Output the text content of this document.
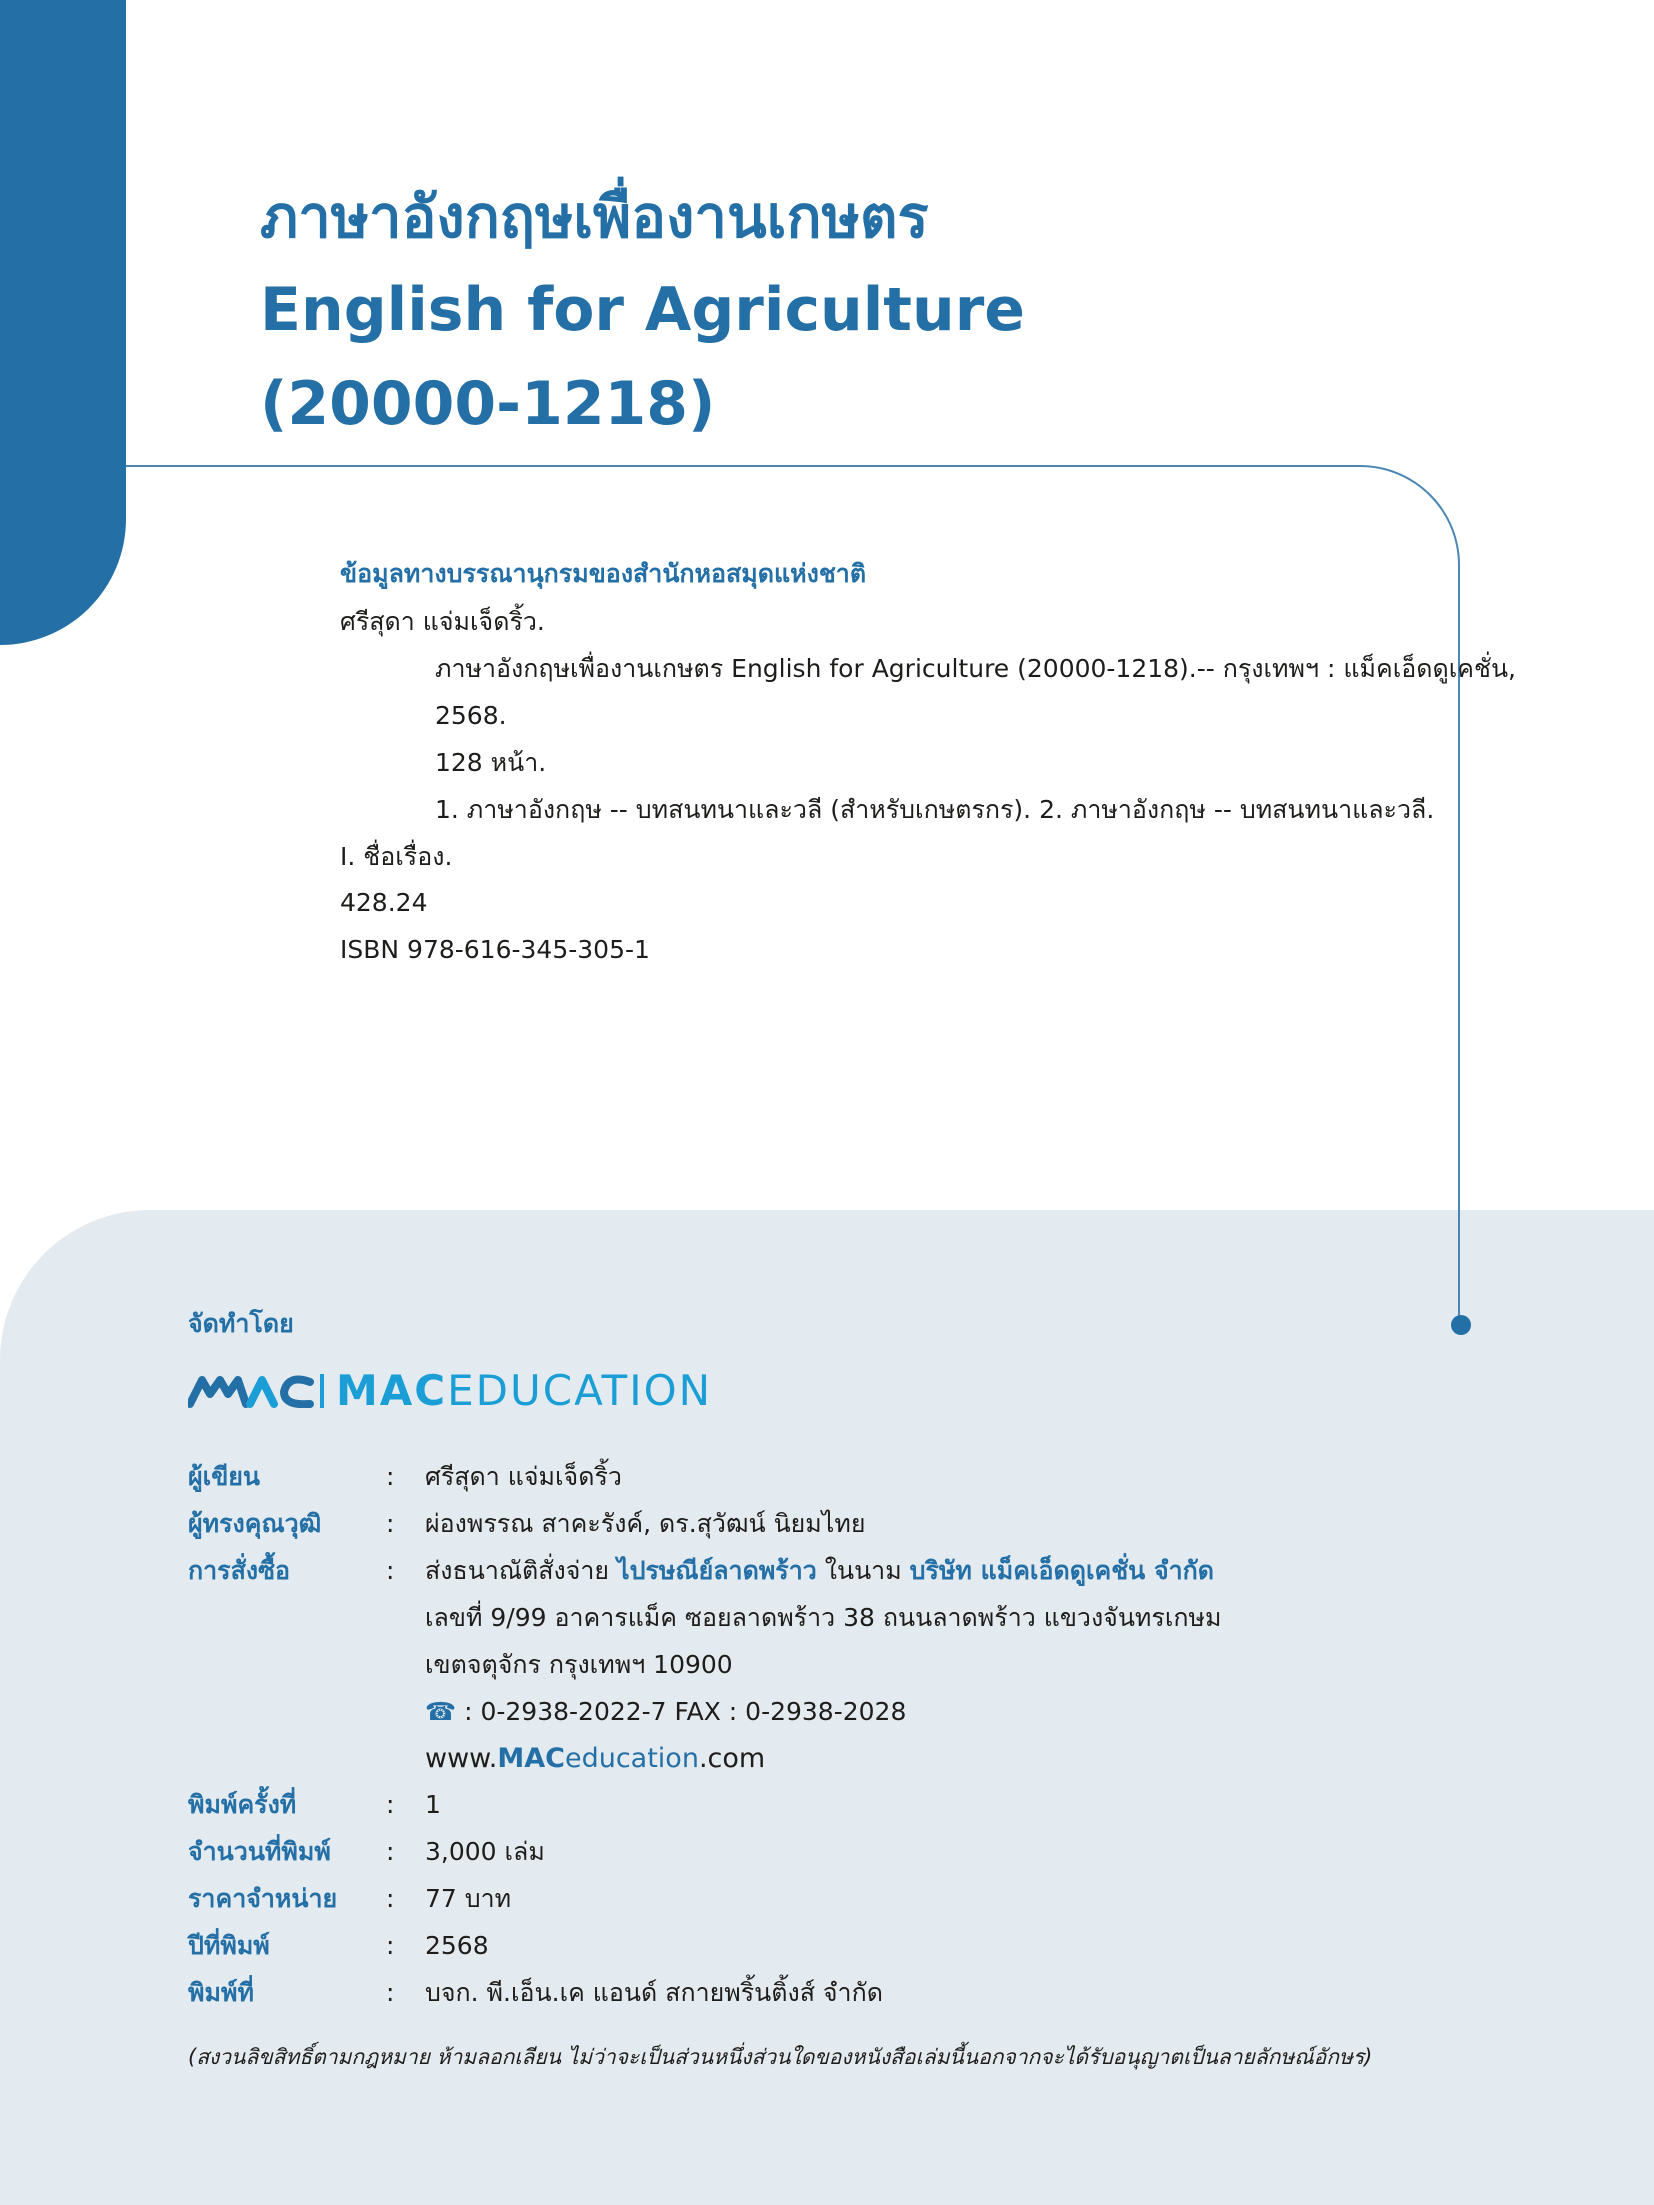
ภาษาอังกฤษเพื่องานเกษตร
English for Agriculture
(20000-1218)
ข้อมูลทางบรรณานุกรมของสำนักหอสมุดแห่งชาติ
ศรีสุดา แจ่มเจ็ดริ้ว.
ภาษาอังกฤษเพื่องานเกษตร English for Agriculture (20000-1218).-- กรุงเทพฯ : แม็คเอ็ดดูเคชั่น,
2568.
128 หน้า.
1. ภาษาอังกฤษ -- บทสนทนาและวลี (สำหรับเกษตรกร). 2. ภาษาอังกฤษ -- บทสนทนาและวลี.
I. ชื่อเรื่อง.
428.24
ISBN 978-616-345-305-1
จัดทำโดย
MACEDUCATION
ผู้เขียน	: ศรีสุดา แจ่มเจ็ดริ้ว
ผู้ทรงคุณวุฒิ	: ผ่องพรรณ สาคะรังค์, ดร.สุวัฒน์ นิยมไทย
การสั่งซื้อ	: ส่งธนาณัติสั่งจ่าย ไปรษณีย์ลาดพร้าว ในนาม บริษัท แม็คเอ็ดดูเคชั่น จำกัด
เลขที่ 9/99 อาคารแม็ค ซอยลาดพร้าว 38 ถนนลาดพร้าว แขวงจันทรเกษม
เขตจตุจักร กรุงเทพฯ 10900
☎ : 0-2938-2022-7 FAX : 0-2938-2028
www.MACeducation.com
พิมพ์ครั้งที่	: 1
จำนวนที่พิมพ์ : 3,000 เล่ม
ราคาจำหน่าย : 77 บาท
ปีที่พิมพ์	: 2568
พิมพ์ที่	: บจก. พี.เอ็น.เค แอนด์ สกายพริ้นติ้งส์ จำกัด
(สงวนลิขสิทธิ์ตามกฎหมาย ห้ามลอกเลียน ไม่ว่าจะเป็นส่วนหนึ่งส่วนใดของหนังสือเล่มนี้นอกจากจะได้รับอนุญาตเป็นลายลักษณ์อักษร)
